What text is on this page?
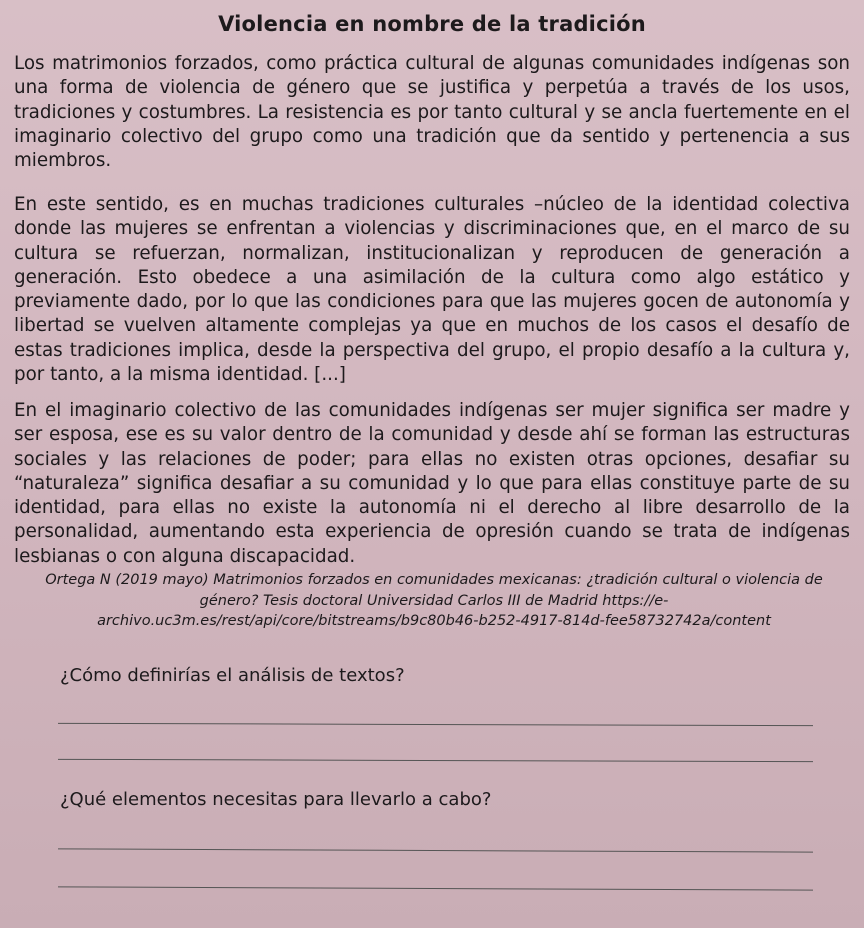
Violencia en nombre de la tradición

Los matrimonios forzados, como práctica cultural de algunas comunidades indígenas son una forma de violencia de género que se justifica y perpetúa a través de los usos, tradiciones y costumbres. La resistencia es por tanto cultural y se ancla fuertemente en el imaginario colectivo del grupo como una tradición que da sentido y pertenencia a sus miembros.

En este sentido, es en muchas tradiciones culturales –núcleo de la identidad colectiva donde las mujeres se enfrentan a violencias y discriminaciones que, en el marco de su cultura se refuerzan, normalizan, institucionalizan y reproducen de generación a generación. Esto obedece a una asimilación de la cultura como algo estático y previamente dado, por lo que las condiciones para que las mujeres gocen de autonomía y libertad se vuelven altamente complejas ya que en muchos de los casos el desafío de estas tradiciones implica, desde la perspectiva del grupo, el propio desafío a la cultura y, por tanto, a la misma identidad. [...]

En el imaginario colectivo de las comunidades indígenas ser mujer significa ser madre y ser esposa, ese es su valor dentro de la comunidad y desde ahí se forman las estructuras sociales y las relaciones de poder; para ellas no existen otras opciones, desafiar su “naturaleza” significa desafiar a su comunidad y lo que para ellas constituye parte de su identidad, para ellas no existe la autonomía ni el derecho al libre desarrollo de la personalidad, aumentando esta experiencia de opresión cuando se trata de indígenas lesbianas o con alguna discapacidad.

Ortega N (2019 mayo) Matrimonios forzados en comunidades mexicanas: ¿tradición cultural o violencia de género? Tesis doctoral Universidad Carlos III de Madrid https://e-archivo.uc3m.es/rest/api/core/bitstreams/b9c80b46-b252-4917-814d-fee58732742a/content

¿Cómo definirías el análisis de textos?

¿Qué elementos necesitas para llevarlo a cabo?
